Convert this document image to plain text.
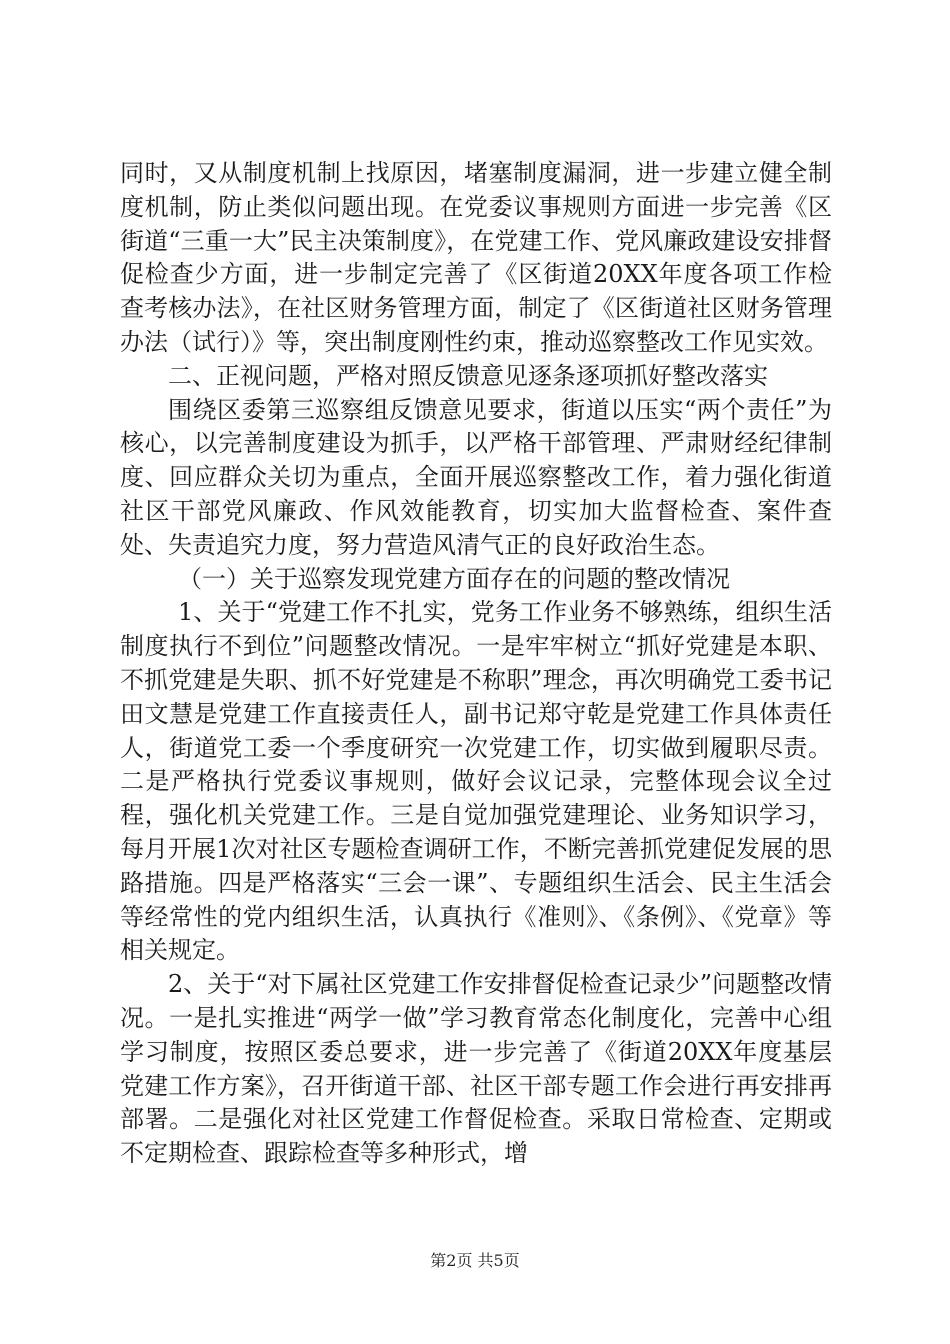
同时，又从制度机制上找原因，堵塞制度漏洞，进一步建立健全制度机制，防止类似问题出现。在党委议事规则方面进一步完善《区街道“三重一大”民主决策制度》，在党建工作、党风廉政建设安排督促检查少方面，进一步制定完善了《区街道20XX年度各项工作检查考核办法》，在社区财务管理方面，制定了《区街道社区财务管理办法（试行）》等，突出制度刚性约束，推动巡察整改工作见实效。

二、正视问题，严格对照反馈意见逐条逐项抓好整改落实

围绕区委第三巡察组反馈意见要求，街道以压实“两个责任”为核心，以完善制度建设为抓手，以严格干部管理、严肃财经纪律制度、回应群众关切为重点，全面开展巡察整改工作，着力强化街道社区干部党风廉政、作风效能教育，切实加大监督检查、案件查处、失责追究力度，努力营造风清气正的良好政治生态。

（一）关于巡察发现党建方面存在的问题的整改情况

1、关于“党建工作不扎实，党务工作业务不够熟练，组织生活制度执行不到位”问题整改情况。一是牢牢树立“抓好党建是本职、不抓党建是失职、抓不好党建是不称职”理念，再次明确党工委书记田文慧是党建工作直接责任人，副书记郑守乾是党建工作具体责任人，街道党工委一个季度研究一次党建工作，切实做到履职尽责。二是严格执行党委议事规则，做好会议记录，完整体现会议全过程，强化机关党建工作。三是自觉加强党建理论、业务知识学习，每月开展1次对社区专题检查调研工作，不断完善抓党建促发展的思路措施。四是严格落实“三会一课”、专题组织生活会、民主生活会等经常性的党内组织生活，认真执行《准则》、《条例》、《党章》等相关规定。

2、关于“对下属社区党建工作安排督促检查记录少”问题整改情况。一是扎实推进“两学一做”学习教育常态化制度化，完善中心组学习制度，按照区委总要求，进一步完善了《街道20XX年度基层党建工作方案》，召开街道干部、社区干部专题工作会进行再安排再部署。二是强化对社区党建工作督促检查。采取日常检查、定期或不定期检查、跟踪检查等多种形式，增

第2页 共5页
